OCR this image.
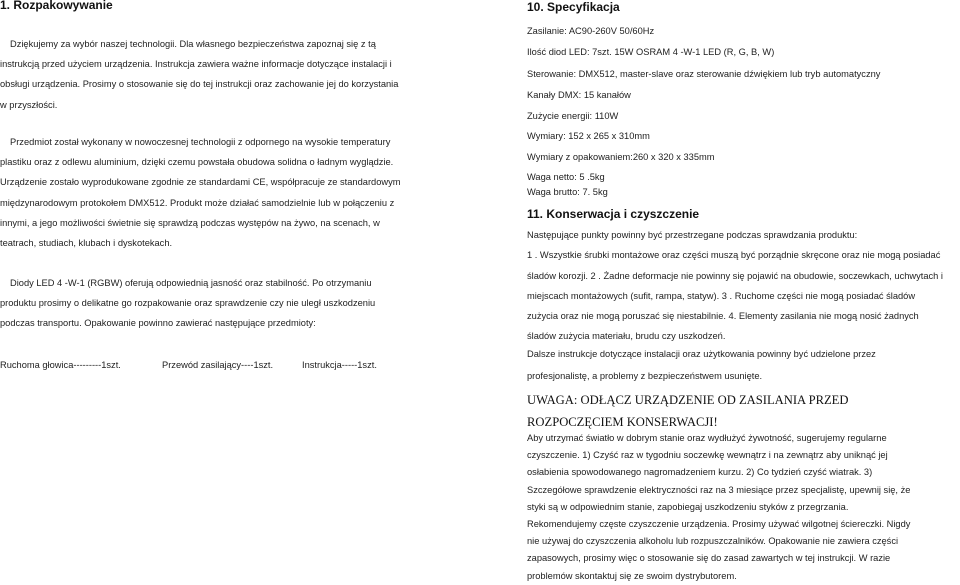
1. Rozpakowywanie
Dziękujemy za wybór naszej technologii. Dla własnego bezpieczeństwa zapoznaj się z tą
instrukcją przed użyciem urządzenia. Instrukcja zawiera ważne informacje dotyczące instalacji i
obsługi urządzenia. Prosimy o stosowanie się do tej instrukcji oraz zachowanie jej do korzystania
w przyszłości.
Przedmiot został wykonany w nowoczesnej technologii z odpornego na wysokie temperatury
plastiku oraz z odlewu aluminium, dzięki czemu powstała obudowa solidna o ładnym wyglądzie.
Urządzenie zostało wyprodukowane zgodnie ze standardami CE, współpracuje ze standardowym
międzynarodowym protokołem DMX512. Produkt może działać samodzielnie lub w połączeniu z
innymi, a jego możliwości świetnie się sprawdzą podczas występów na żywo, na scenach, w
teatrach, studiach, klubach i dyskotekach.
Diody LED 4 -W-1 (RGBW) oferują odpowiednią jasność oraz stabilność. Po otrzymaniu
produktu prosimy o delikatne go rozpakowanie oraz sprawdzenie czy nie uległ uszkodzeniu
podczas transportu. Opakowanie powinno zawierać następujące przedmioty:
Ruchoma głowica---------1szt.	Przewód zasilający----1szt.	Instrukcja-----1szt.
10. Specyfikacja
Zasilanie: AC90-260V 50/60Hz
Ilość diod LED: 7szt. 15W OSRAM 4 -W-1 LED (R, G, B, W)
Sterowanie: DMX512, master-slave oraz sterowanie dźwiękiem lub tryb automatyczny
Kanały DMX: 15 kanałów
Zużycie energii: 110W
Wymiary: 152 x 265 x 310mm
Wymiary z opakowaniem:260 x 320 x 335mm
Waga netto: 5 .5kg
Waga brutto: 7. 5kg
11. Konserwacja i czyszczenie
Następujące punkty powinny być przestrzegane podczas sprawdzania produktu:
1 . Wszystkie śrubki montażowe oraz części muszą być porządnie skręcone oraz nie mogą posiadać
śladów korozji. 2 . Żadne deformacje nie powinny się pojawić na obudowie, soczewkach, uchwytach i
miejscach montażowych (sufit, rampa, statyw). 3 . Ruchome części nie mogą posiadać śladów
zużycia oraz nie mogą poruszać się niestabilnie. 4. Elementy zasilania nie mogą nosić żadnych
śladów zużycia materiału, brudu czy uszkodzeń.
Dalsze instrukcje dotyczące instalacji oraz użytkowania powinny być udzielone przez
profesjonalistę, a problemy z bezpieczeństwem usunięte.
UWAGA: ODŁĄCZ URZĄDZENIE OD ZASILANIA PRZED
ROZPOCZĘCIEM KONSERWACJI!
Aby utrzymać światło w dobrym stanie oraz wydłużyć żywotność, sugerujemy regularne
czyszczenie. 1) Czyść raz w tygodniu soczewkę wewnątrz i na zewnątrz aby uniknąć jej
osłabienia spowodowanego nagromadzeniem kurzu. 2) Co tydzień czyść wiatrak. 3)
Szczegółowe sprawdzenie elektryczności raz na 3 miesiące przez specjalistę, upewnij się, że
styki są w odpowiednim stanie, zapobiegaj uszkodzeniu styków z przegrzania.
Rekomendujemy częste czyszczenie urządzenia. Prosimy używać wilgotnej ściereczki. Nigdy
nie używaj do czyszczenia alkoholu lub rozpuszczalników. Opakowanie nie zawiera części
zapasowych, prosimy więc o stosowanie się do zasad zawartych w tej instrukcji. W razie
problemów skontaktuj się ze swoim dystrybutorem.
